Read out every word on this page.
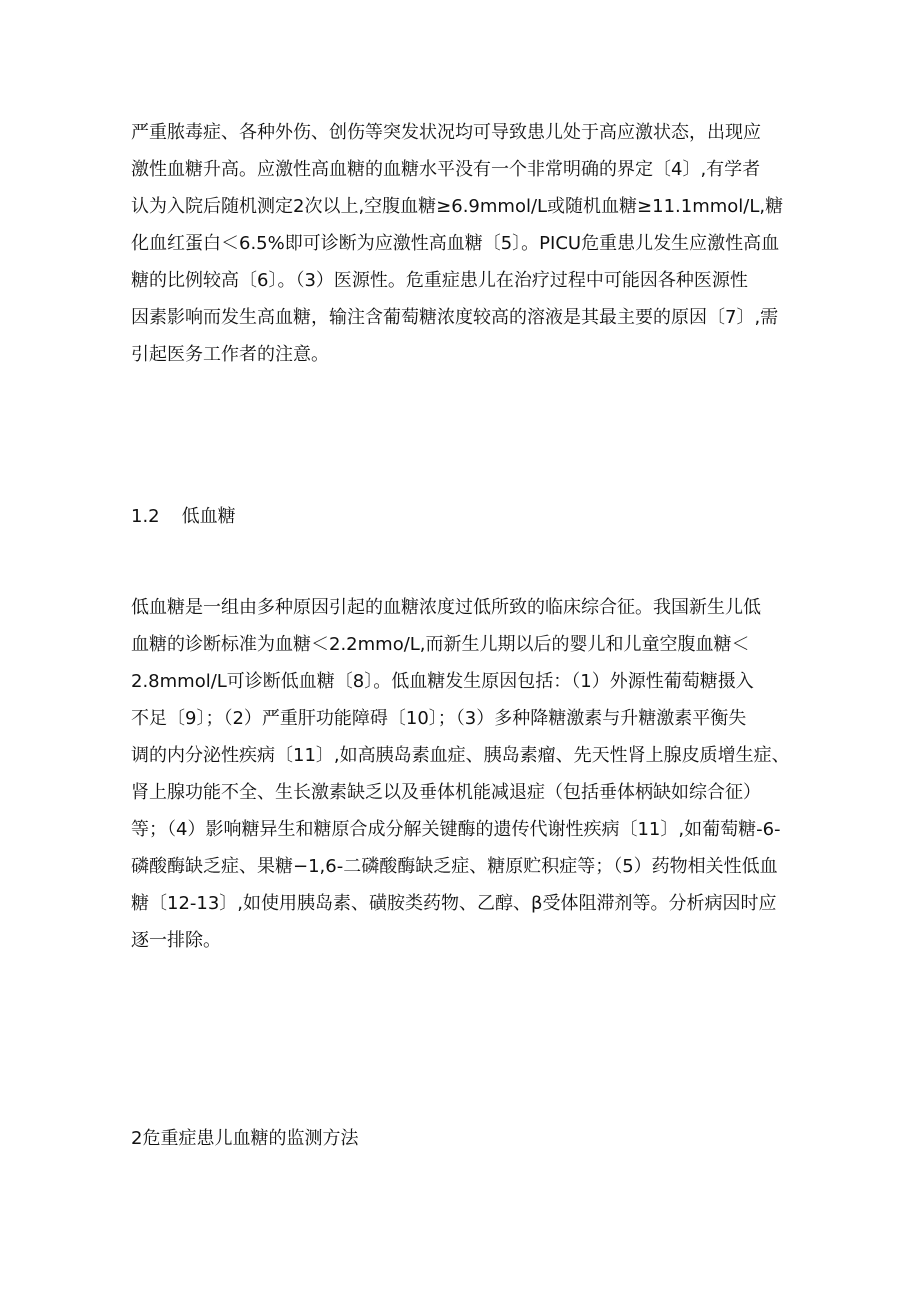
严重脓毒症、各种外伤、创伤等突发状况均可导致患儿处于高应激状态，出现应
激性血糖升高。应激性高血糖的血糖水平没有一个非常明确的界定〔4〕,有学者
认为入院后随机测定2次以上,空腹血糖≥6.9mmol/L或随机血糖≥11.1mmol/L,糖
化血红蛋白＜6.5%即可诊断为应激性高血糖〔5〕。PICU危重患儿发生应激性高血
糖的比例较高〔6〕。（3）医源性。危重症患儿在治疗过程中可能因各种医源性
因素影响而发生高血糖，输注含葡萄糖浓度较高的溶液是其最主要的原因〔7〕,需
引起医务工作者的注意。

1.2 低血糖

低血糖是一组由多种原因引起的血糖浓度过低所致的临床综合征。我国新生儿低
血糖的诊断标准为血糖＜2.2mmo/L,而新生儿期以后的婴儿和儿童空腹血糖＜
2.8mmol/L可诊断低血糖〔8〕。低血糖发生原因包括：（1）外源性葡萄糖摄入
不足〔9〕；（2）严重肝功能障碍〔10〕；（3）多种降糖激素与升糖激素平衡失
调的内分泌性疾病〔11〕,如高胰岛素血症、胰岛素瘤、先天性肾上腺皮质增生症、
肾上腺功能不全、生长激素缺乏以及垂体机能减退症（包括垂体柄缺如综合征）
等；（4）影响糖异生和糖原合成分解关键酶的遗传代谢性疾病〔11〕,如葡萄糖-6-
磷酸酶缺乏症、果糖−1,6-二磷酸酶缺乏症、糖原贮积症等；（5）药物相关性低血
糖〔12-13〕,如使用胰岛素、磺胺类药物、乙醇、β受体阻滞剂等。分析病因时应
逐一排除。

2危重症患儿血糖的监测方法
